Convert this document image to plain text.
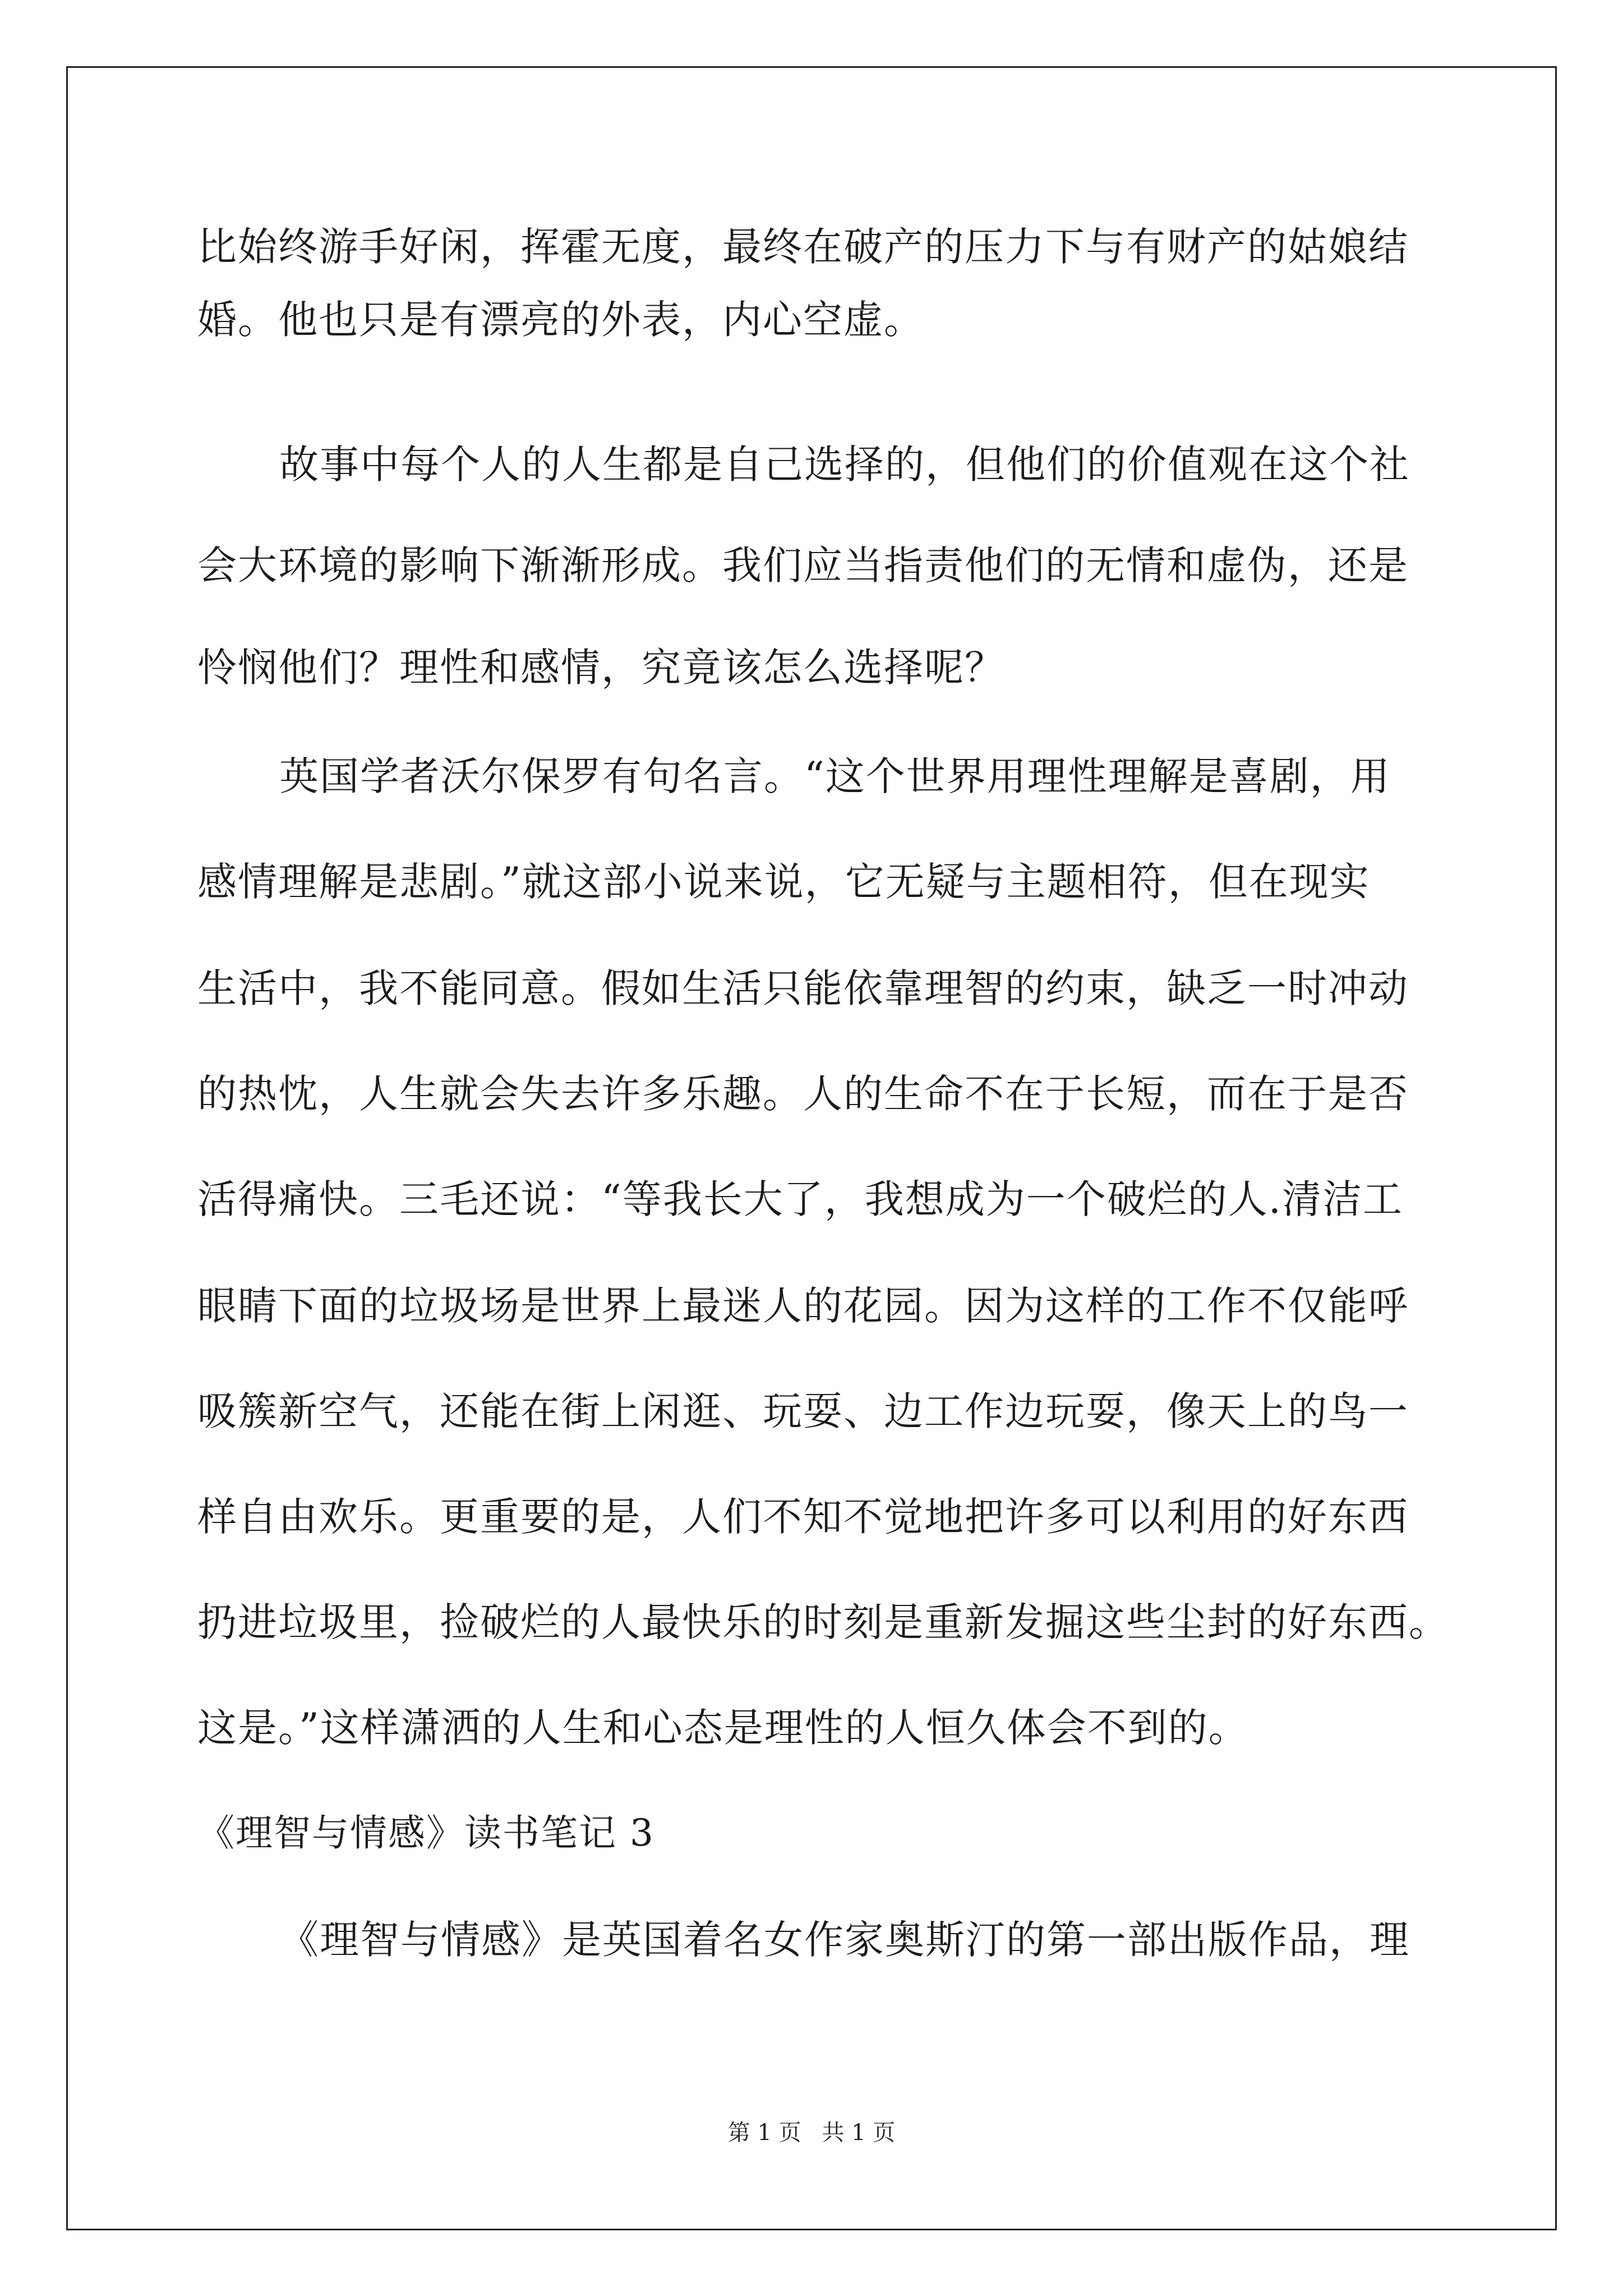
比始终游手好闲，挥霍无度，最终在破产的压力下与有财产的姑娘结
婚。他也只是有漂亮的外表，内心空虚。
故事中每个人的人生都是自己选择的，但他们的价值观在这个社
会大环境的影响下渐渐形成。我们应当指责他们的无情和虚伪，还是
怜悯他们？理性和感情，究竟该怎么选择呢？
英国学者沃尔保罗有句名言。“这个世界用理性理解是喜剧，用
感情理解是悲剧。”就这部小说来说，它无疑与主题相符，但在现实
生活中，我不能同意。假如生活只能依靠理智的约束，缺乏一时冲动
的热忱，人生就会失去许多乐趣。人的生命不在于长短，而在于是否
活得痛快。三毛还说：“等我长大了，我想成为一个破烂的人.清洁工
眼睛下面的垃圾场是世界上最迷人的花园。因为这样的工作不仅能呼
吸簇新空气，还能在街上闲逛、玩耍、边工作边玩耍，像天上的鸟一
样自由欢乐。更重要的是，人们不知不觉地把许多可以利用的好东西
扔进垃圾里，捡破烂的人最快乐的时刻是重新发掘这些尘封的好东西。
这是。”这样潇洒的人生和心态是理性的人恒久体会不到的。
《理智与情感》读书笔记 3
《理智与情感》是英国着名女作家奥斯汀的第一部出版作品，理
第 1 页 共 1 页
